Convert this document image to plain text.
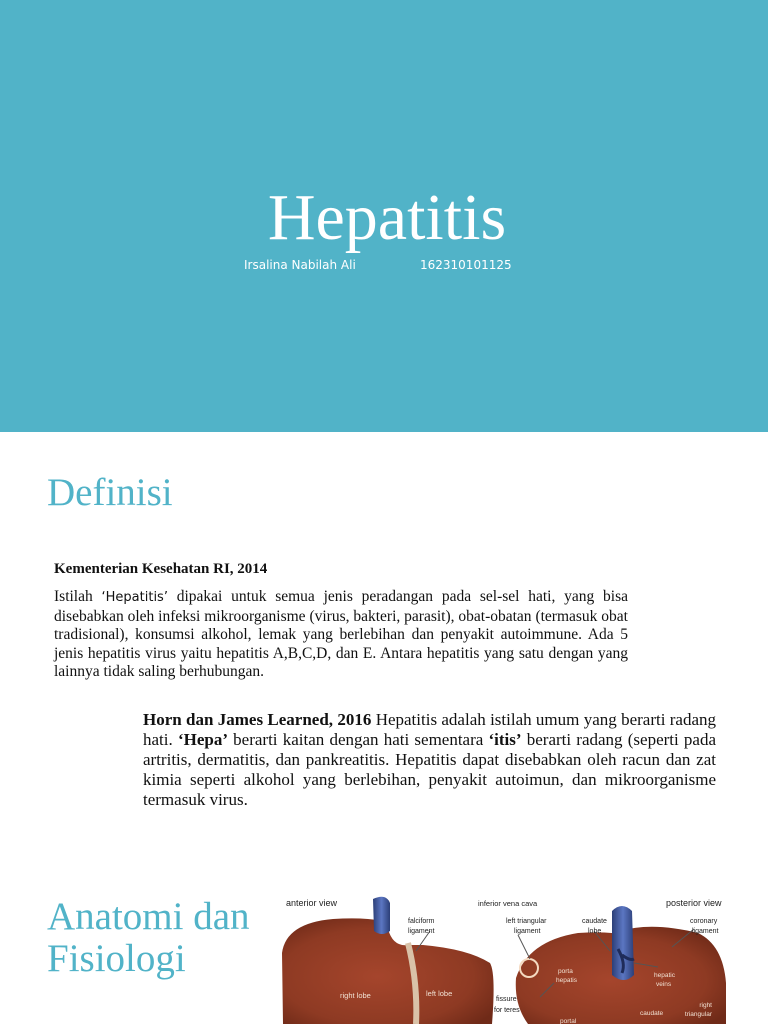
Hepatitis
Irsalina Nabilah Ali	162310101125
Definisi
Kementerian Kesehatan RI, 2014

Istilah ‘Hepatitis’ dipakai untuk semua jenis peradangan pada sel-sel hati, yang bisa disebabkan oleh infeksi mikroorganisme (virus, bakteri, parasit), obat-obatan (termasuk obat tradisional), konsumsi alkohol, lemak yang berlebihan dan penyakit autoimmune. Ada 5 jenis hepatitis virus yaitu hepatitis A,B,C,D, dan E. Antara hepatitis yang satu dengan yang lainnya tidak saling berhubungan.

Horn dan James Learned, 2016 Hepatitis adalah istilah umum yang berarti radang hati. ‘Hepa’ berarti kaitan dengan hati sementara ‘itis’ berarti radang (seperti pada artritis, dermatitis, dan pankreatitis. Hepatitis dapat disebabkan oleh racun dan zat kimia seperti alkohol yang berlebihan, penyakit autoimun, dan mikroorganisme termasuk virus.

Anatomi dan
Fisiologi
anterior view	inferior vena cava	posterior view
falciform
ligament
left triangular
ligament
caudate
lobe
coronary
ligament
right lobe	left lobe
porta
hepatis
hepatic
veins
fissure
for teres
right
triangular
caudate
portal
